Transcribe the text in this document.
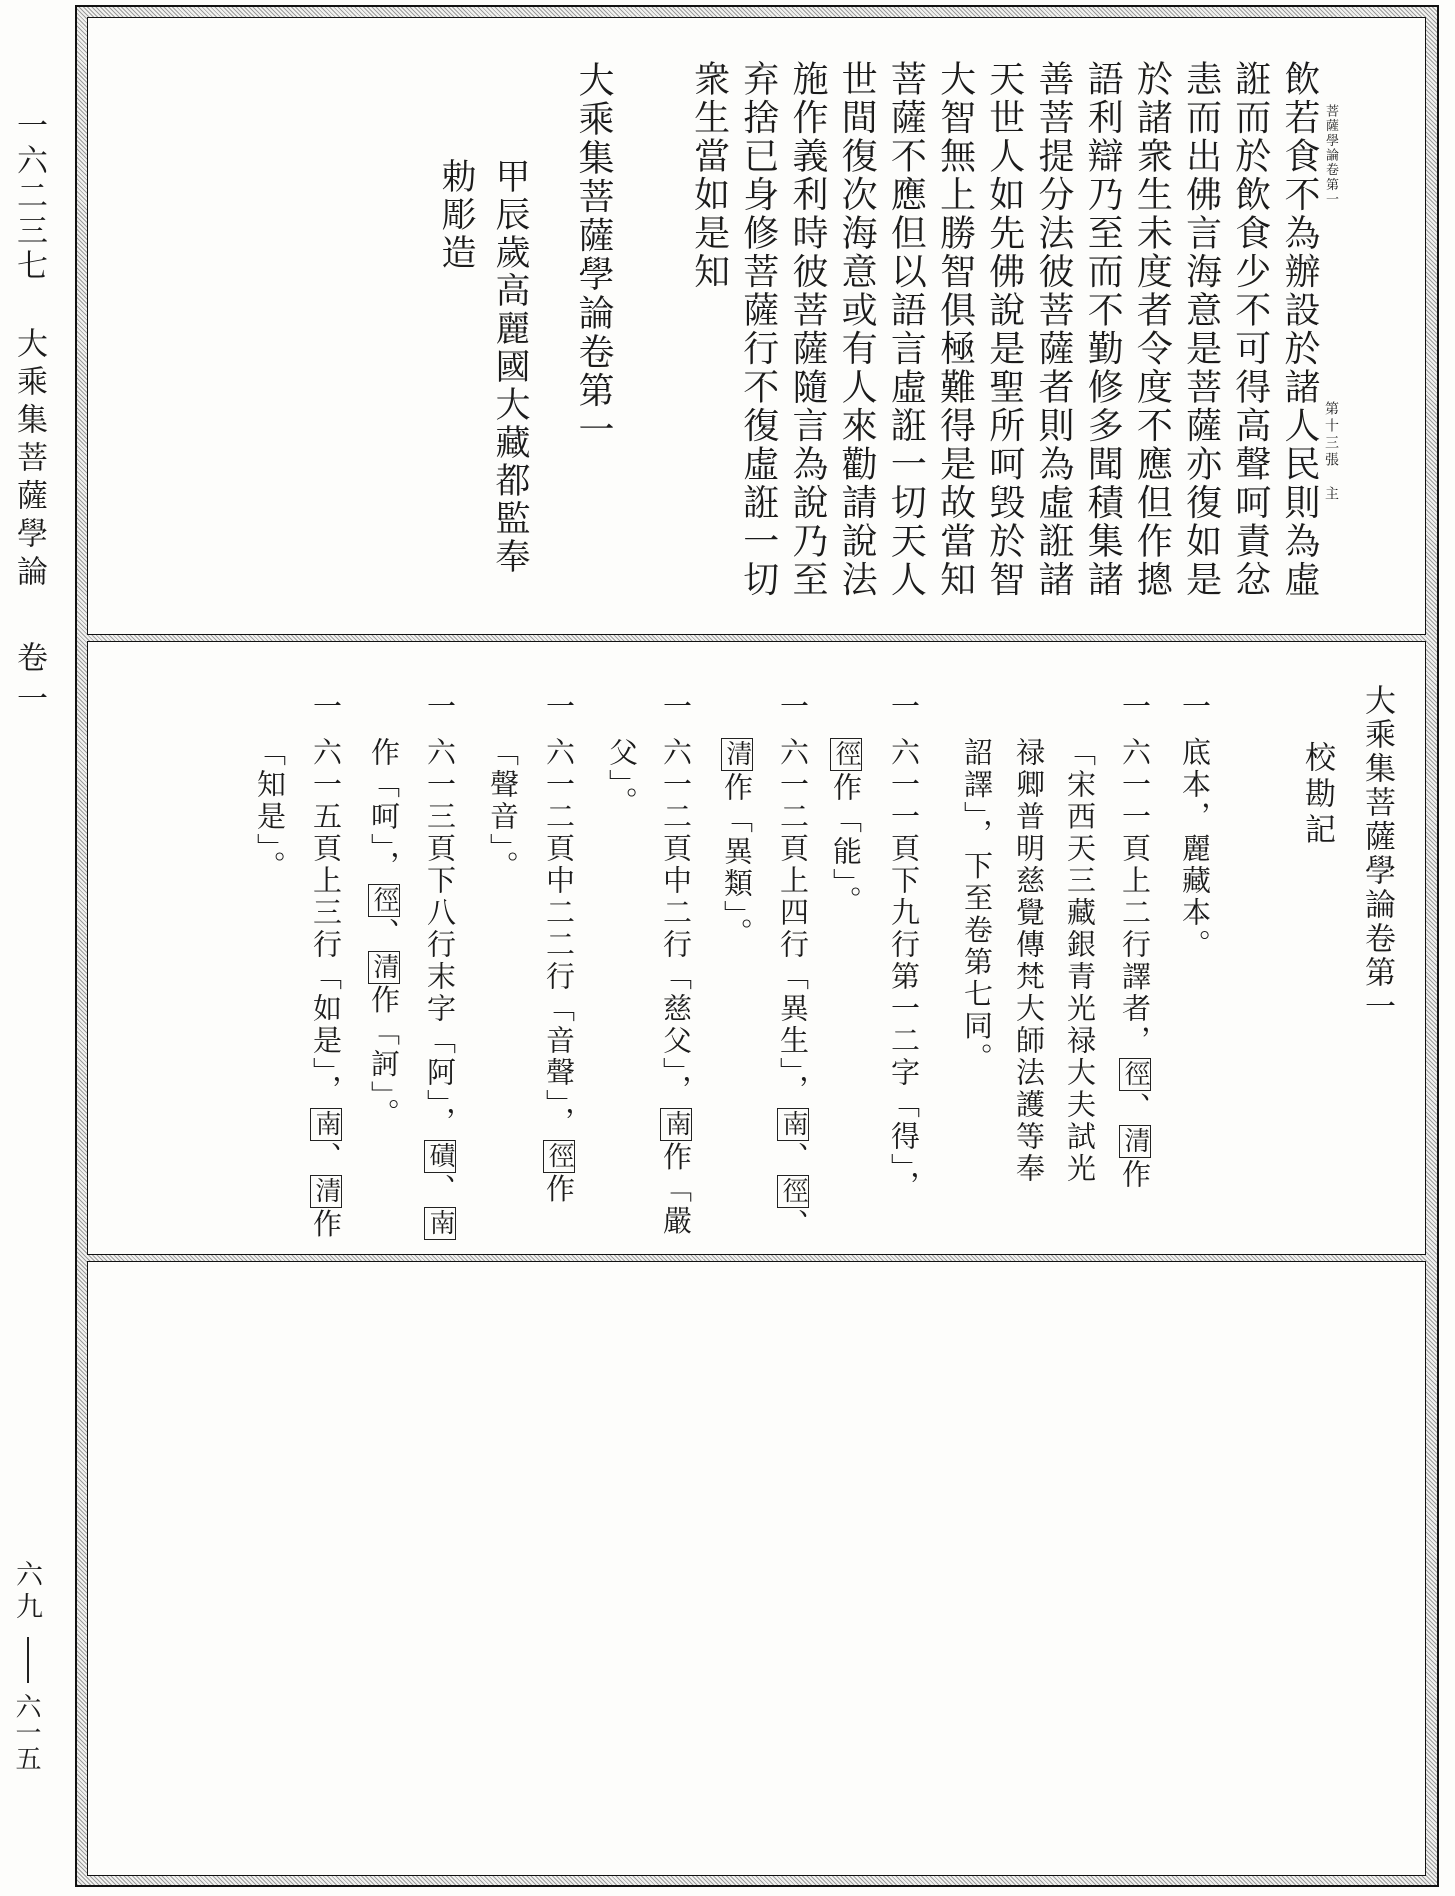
一六二三七
大乘集菩薩學論
卷一
六九
六一五
菩薩學論卷第一
第十三張　主
飲若食不為辦設於諸人民則為虛
誑而於飲食少不可得高聲呵責忿
恚而出佛言海意是菩薩亦復如是
於諸衆生未度者令度不應但作摠
語利辯乃至而不勤修多聞積集諸
善菩提分法彼菩薩者則為虛誑諸
天世人如先佛說是聖所呵毁於智
大智無上勝智俱極難得是故當知
菩薩不應但以語言虛誑一切天人
世間復次海意或有人來勸請說法
施作義利時彼菩薩隨言為說乃至
弃捨已身修菩薩行不復虛誑一切
衆生當如是知
大乘集菩薩學論卷第一
甲辰歲高麗國大藏都監奉
勅彫造
大乘集菩薩學論卷第一
校勘記
一
底本，麗藏本。
一
六一一頁上二行譯者，徑、清作
「宋西天三藏銀青光禄大夫試光
禄卿普明慈覺傳梵大師法護等奉
詔譯」，下至卷第七同。
一
六一一頁下九行第一二字「得」，
徑作「能」。
一
六一二頁上四行「異生」，南、徑、
清作「異類」。
一
六一二頁中二行「慈父」，南作「嚴
父」。
一
六一二頁中二二行「音聲」，徑作
「聲音」。
一
六一三頁下八行末字「阿」，磧、南
作「呵」，徑、清作「訶」。
一
六一五頁上三行「如是」，南、清作
「知是」。
